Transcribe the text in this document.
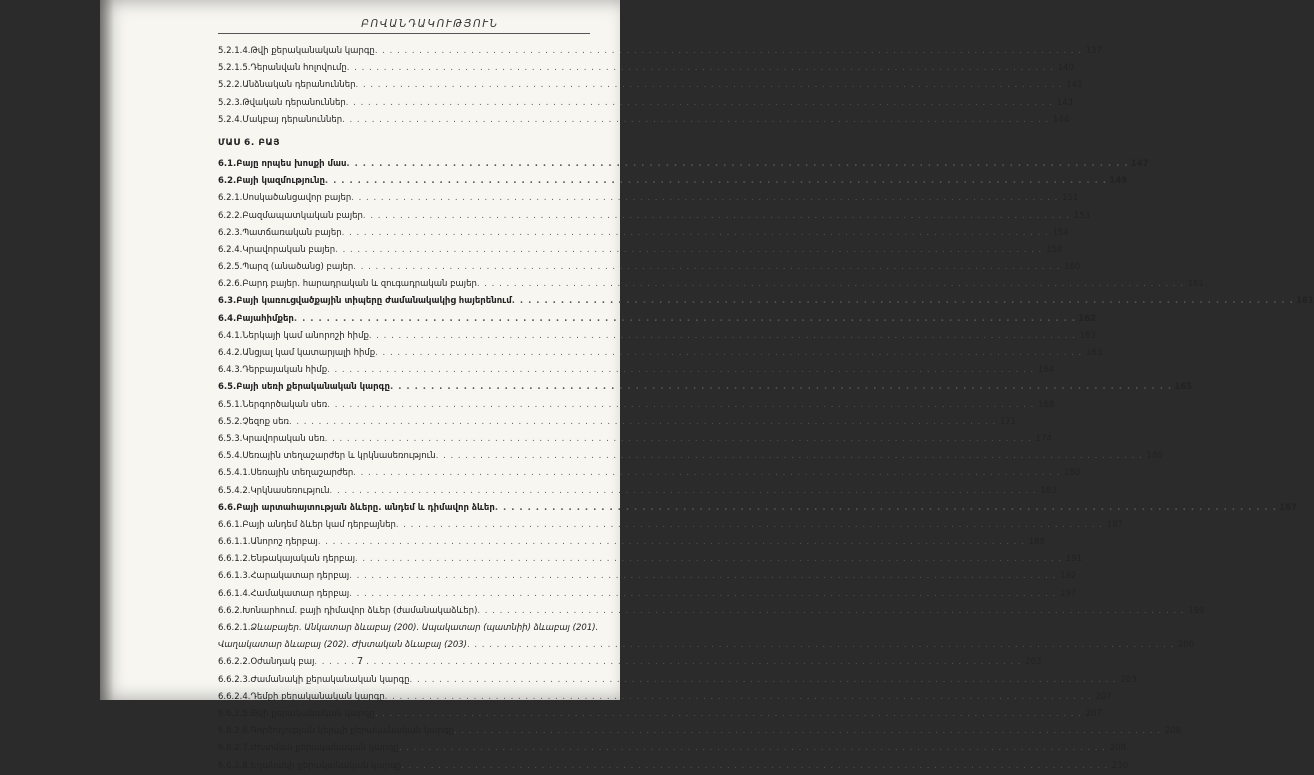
ԲՈՎԱՆԴԱԿՈՒԹՅՈՒՆ
5.2.1.4. Թվի քերականական կարգը . . .	137
5.2.1.5. Դերանվան հոլովումը . . .	140
5.2.2. Անձնական դերանուններ . . .	142
5.2.3. Թվական դերանուններ . . .	143
5.2.4. Մակբայ դերանուններ . . .	144
ՄԱՍ 6. ԲԱՅ
6.1. Բայը որպես խոսքի մաս . . .	147
6.2. Բայի կազմությունը . . .	149
6.2.1. Սոսկածանցավոր բայեր . . .	151
6.2.2. Բազմապատկական բայեր . . .	153
6.2.3. Պատճառական բայեր . . .	154
6.2.4. Կրավորական բայեր . . .	158
6.2.5. Պարզ (անածանց) բայեր . . .	160
6.2.6. Բարդ բայեր. հարադրական և զուգադրական բայեր . . .	161
6.3. Բայի կառուցվածքային տիպերը ժամանակակից հայերենում . . .	161
6.4. Բայահիմքեր . . .	162
6.4.1. Ներկայի կամ անորոշի հիմք . . .	163
6.4.2. Անցյալ կամ կատարյալի հիմք . . .	163
6.4.3. Դերբայական հիմք . . .	164
6.5. Բայի սեռի քերականական կարգը . . .	165
6.5.1. Ներգործական սեռ . . .	168
6.5.2. Չեզոք սեռ . . .	171
6.5.3. Կրավորական սեռ . . .	174
6.5.4. Սեռային տեղաշարժեր և կրկնասեռություն . . .	180
6.5.4.1. Սեռային տեղաշարժեր . . .	180
6.5.4.2. Կրկնասեռություն . . .	183
6.6. Բայի արտահայտության ձևերը. անդեմ և դիմավոր ձևեր . . .	187
6.6.1. Բայի անդեմ ձևեր կամ դերբայներ . . .	187
6.6.1.1. Անորոշ դերբայ . . .	189
6.6.1.2. Ենթակայական դերբայ . . .	191
6.6.1.3. Հարակատար դերբայ . . .	192
6.6.1.4. Համակատար դերբայ . . .	197
6.6.2. Խոնարհում. բայի դիմավոր ձևեր (ժամանակաձևեր) . . .	199
6.6.2.1. Ձևաբայեր. Անկատար ձևաբայ (200). Ապակատար (պատնիի) ձևաբայ (201).
Վաղակատար ձևաբայ (202). Ժխտական ձևաբայ (203) . . .	200
6.6.2.2. Օժանդակ բայ . . .	203
6.6.2.3. Ժամանակի քերականական կարգը . . .	203
6.6.2.4. Դեմքի քերականական կարգը . . .	207
6.6.2.5. Թվի քերականական կարգը . . .	207
6.6.2.6. Գործողության կերպի քերականական կարգը . . .	208
6.6.2.7. Ժխտման քերականական կարգը . . .	208
6.6.2.8. Եղանակի քերականական կարգը . . .	210
7
